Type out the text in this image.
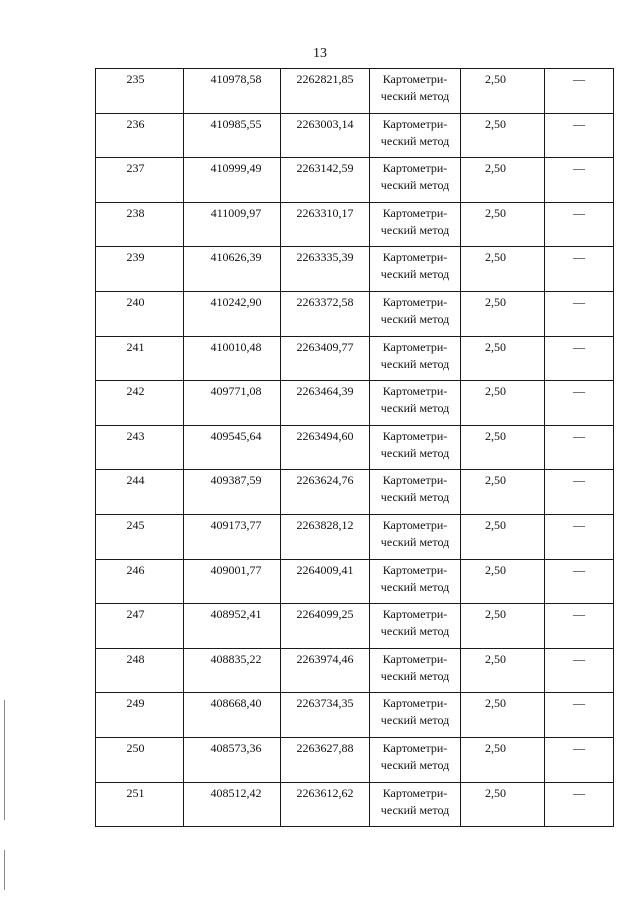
13
235	410978,58	2262821,85	Картометри-
ческий метод	2,50	—

236	410985,55	2263003,14	Картометри-
ческий метод	2,50	—

237	410999,49	2263142,59	Картометри-
ческий метод	2,50	—

238	411009,97	2263310,17	Картометри-
ческий метод	2,50	—

239	410626,39	2263335,39	Картометри-
ческий метод	2,50	—

240	410242,90	2263372,58	Картометри-
ческий метод	2,50	—

241	410010,48	2263409,77	Картометри-
ческий метод	2,50	—

242	409771,08	2263464,39	Картометри-
ческий метод	2,50	—

243	409545,64	2263494,60	Картометри-
ческий метод	2,50	—

244	409387,59	2263624,76	Картометри-
ческий метод	2,50	—

245	409173,77	2263828,12	Картометри-
ческий метод	2,50	—

246	409001,77	2264009,41	Картометри-
ческий метод	2,50	—

247	408952,41	2264099,25	Картометри-
ческий метод	2,50	—

248	408835,22	2263974,46	Картометри-
ческий метод	2,50	—

249	408668,40	2263734,35	Картометри-
ческий метод	2,50	—

250	408573,36	2263627,88	Картометри-
ческий метод	2,50	—

251	408512,42	2263612,62	Картометри-
ческий метод	2,50	—
